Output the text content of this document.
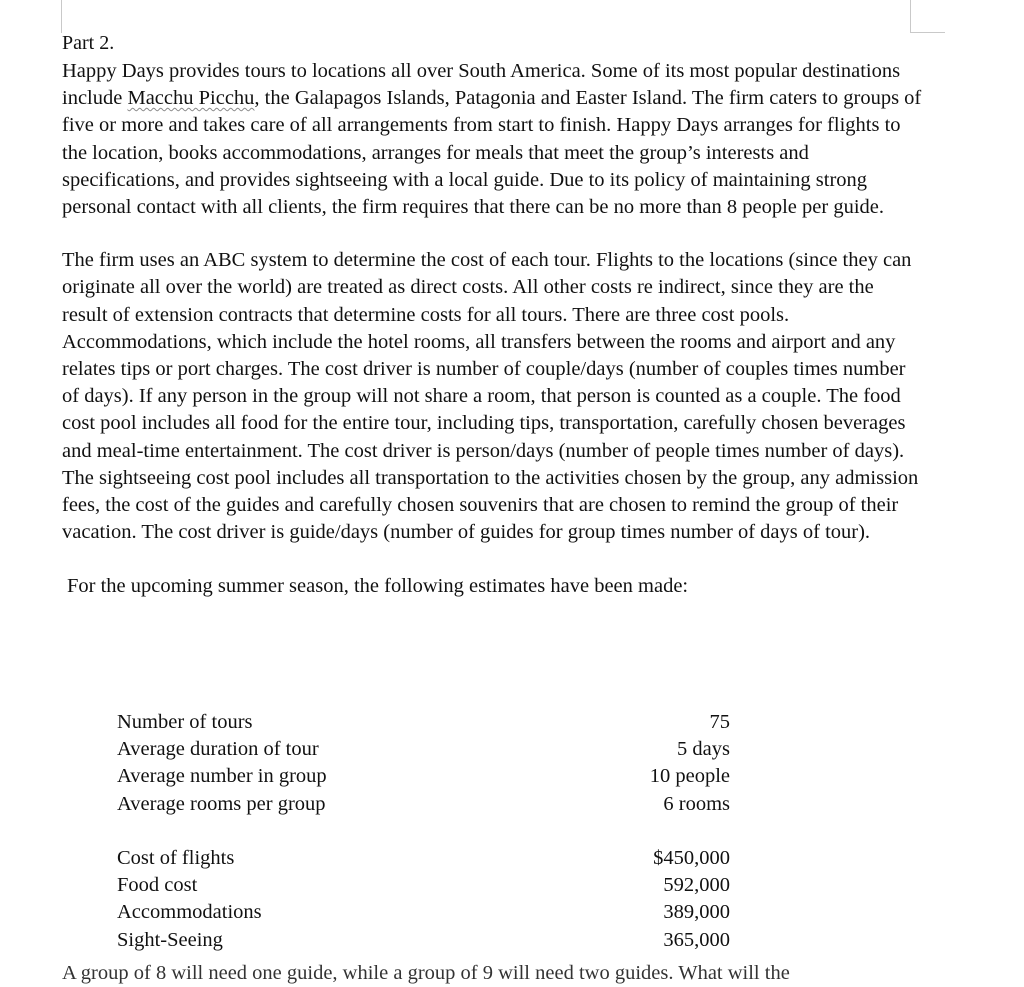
Part 2.

Happy Days provides tours to locations all over South America. Some of its most popular destinations include Macchu Picchu, the Galapagos Islands, Patagonia and Easter Island. The firm caters to groups of five or more and takes care of all arrangements from start to finish. Happy Days arranges for flights to the location, books accommodations, arranges for meals that meet the group’s interests and specifications, and provides sightseeing with a local guide. Due to its policy of maintaining strong personal contact with all clients, the firm requires that there can be no more than 8 people per guide.

The firm uses an ABC system to determine the cost of each tour. Flights to the locations (since they can originate all over the world) are treated as direct costs. All other costs re indirect, since they are the result of extension contracts that determine costs for all tours. There are three cost pools. Accommodations, which include the hotel rooms, all transfers between the rooms and airport and any relates tips or port charges. The cost driver is number of couple/days (number of couples times number of days). If any person in the group will not share a room, that person is counted as a couple. The food cost pool includes all food for the entire tour, including tips, transportation, carefully chosen beverages and meal-time entertainment. The cost driver is person/days (number of people times number of days). The sightseeing cost pool includes all transportation to the activities chosen by the group, any admission fees, the cost of the guides and carefully chosen souvenirs that are chosen to remind the group of their vacation. The cost driver is guide/days (number of guides for group times number of days of tour).

For the upcoming summer season, the following estimates have been made:

Number of tours	75
Average duration of tour	5 days
Average number in group	10 people
Average rooms per group	6 rooms
Cost of flights	$450,000
Food cost	592,000
Accommodations	389,000
Sight-Seeing	365,000
A group of 8 will need one guide, while a group of 9 will need two guides. What will the
